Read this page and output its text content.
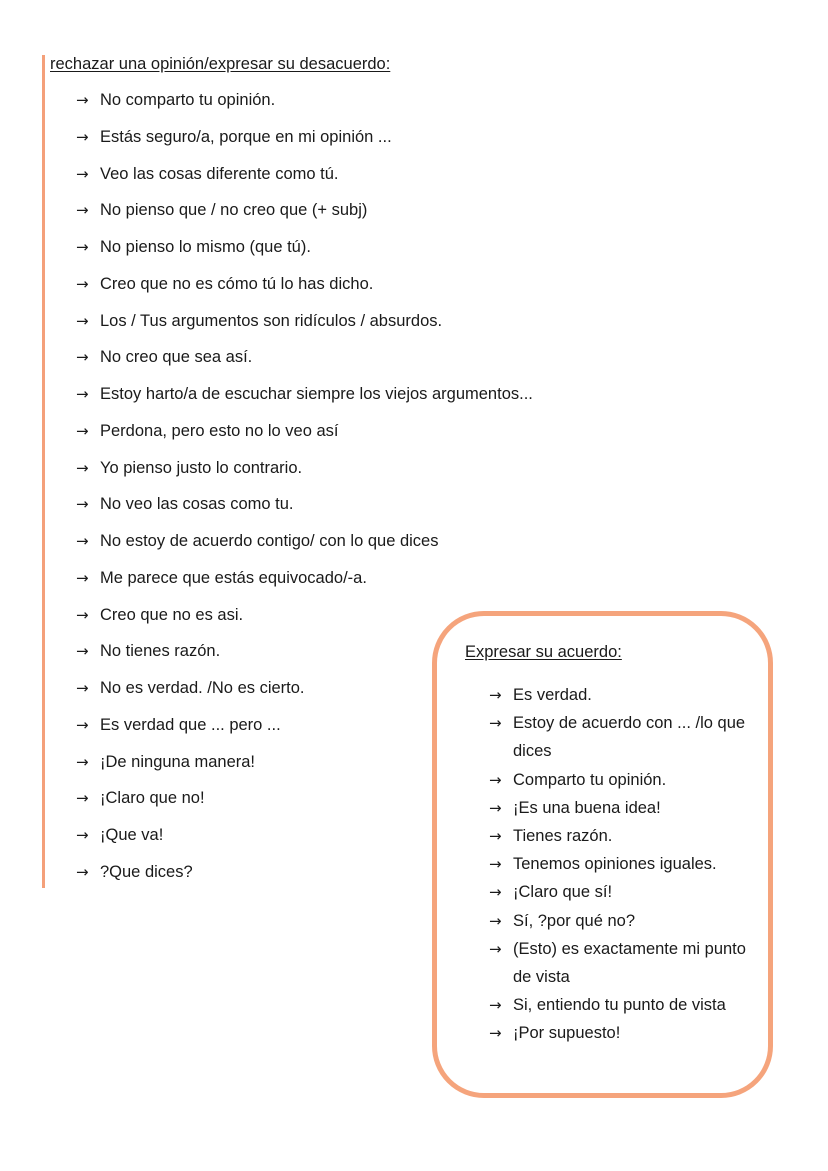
rechazar una opinión/expresar su desacuerdo:
→ No comparto tu opinión.
→ Estás seguro/a, porque en mi opinión ...
→ Veo las cosas diferente como tú.
→ No pienso que / no creo que (+ subj)
→ No pienso lo mismo (que tú).
→ Creo que no es cómo tú lo has dicho.
→ Los / Tus argumentos son ridículos / absurdos.
→ No creo que sea así.
→ Estoy harto/a de escuchar siempre los viejos argumentos...
→ Perdona, pero esto no lo veo así
→ Yo pienso justo lo contrario.
→ No veo las cosas como tu.
→ No estoy de acuerdo contigo/ con lo que dices
→ Me parece que estás equivocado/-a.
→ Creo que no es asi.
→ No tienes razón.
→ No es verdad. /No es cierto.
→ Es verdad que ... pero ...
→ ¡De ninguna manera!
→ ¡Claro que no!
→ ¡Que va!
→ ?Que dices?
Expresar su acuerdo:
→ Es verdad.
→ Estoy de acuerdo con ... /lo que dices
→ Comparto tu opinión.
→ ¡Es una buena idea!
→ Tienes razón.
→ Tenemos opiniones iguales.
→ ¡Claro que sí!
→ Sí, ?por qué no?
→ (Esto) es exactamente mi punto de vista
→ Si, entiendo tu punto de vista
→ ¡Por supuesto!
